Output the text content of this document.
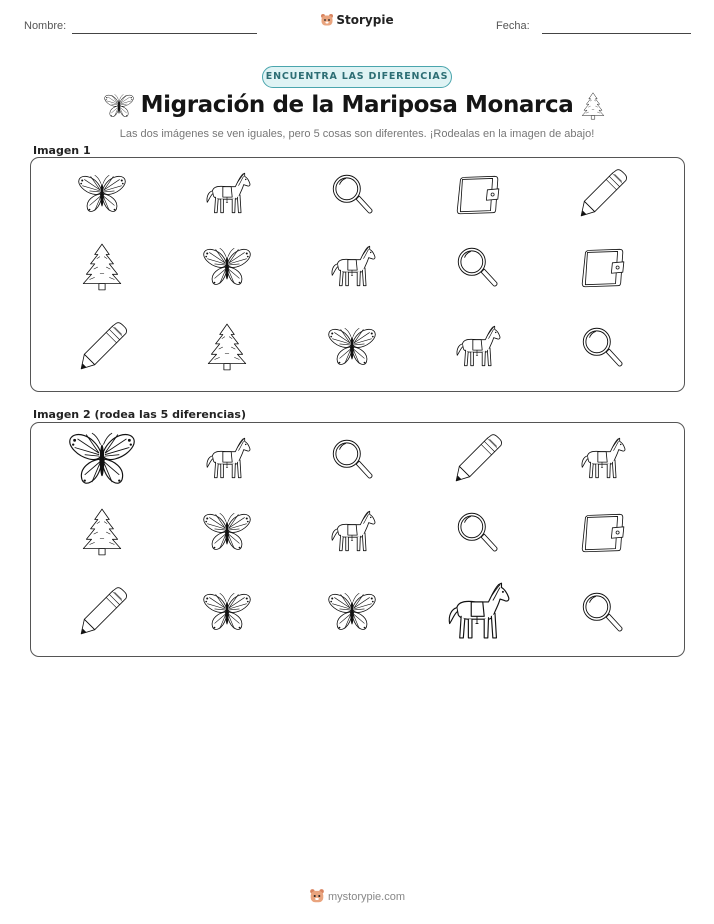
Nombre:	Storypie	Fecha:
ENCUENTRA LAS DIFERENCIAS
Migración de la Mariposa Monarca
Las dos imágenes se ven iguales, pero 5 cosas son diferentes. ¡Rodealas en la imagen de abajo!
Imagen 1
Imagen 2 (rodea las 5 diferencias)
mystorypie.com
